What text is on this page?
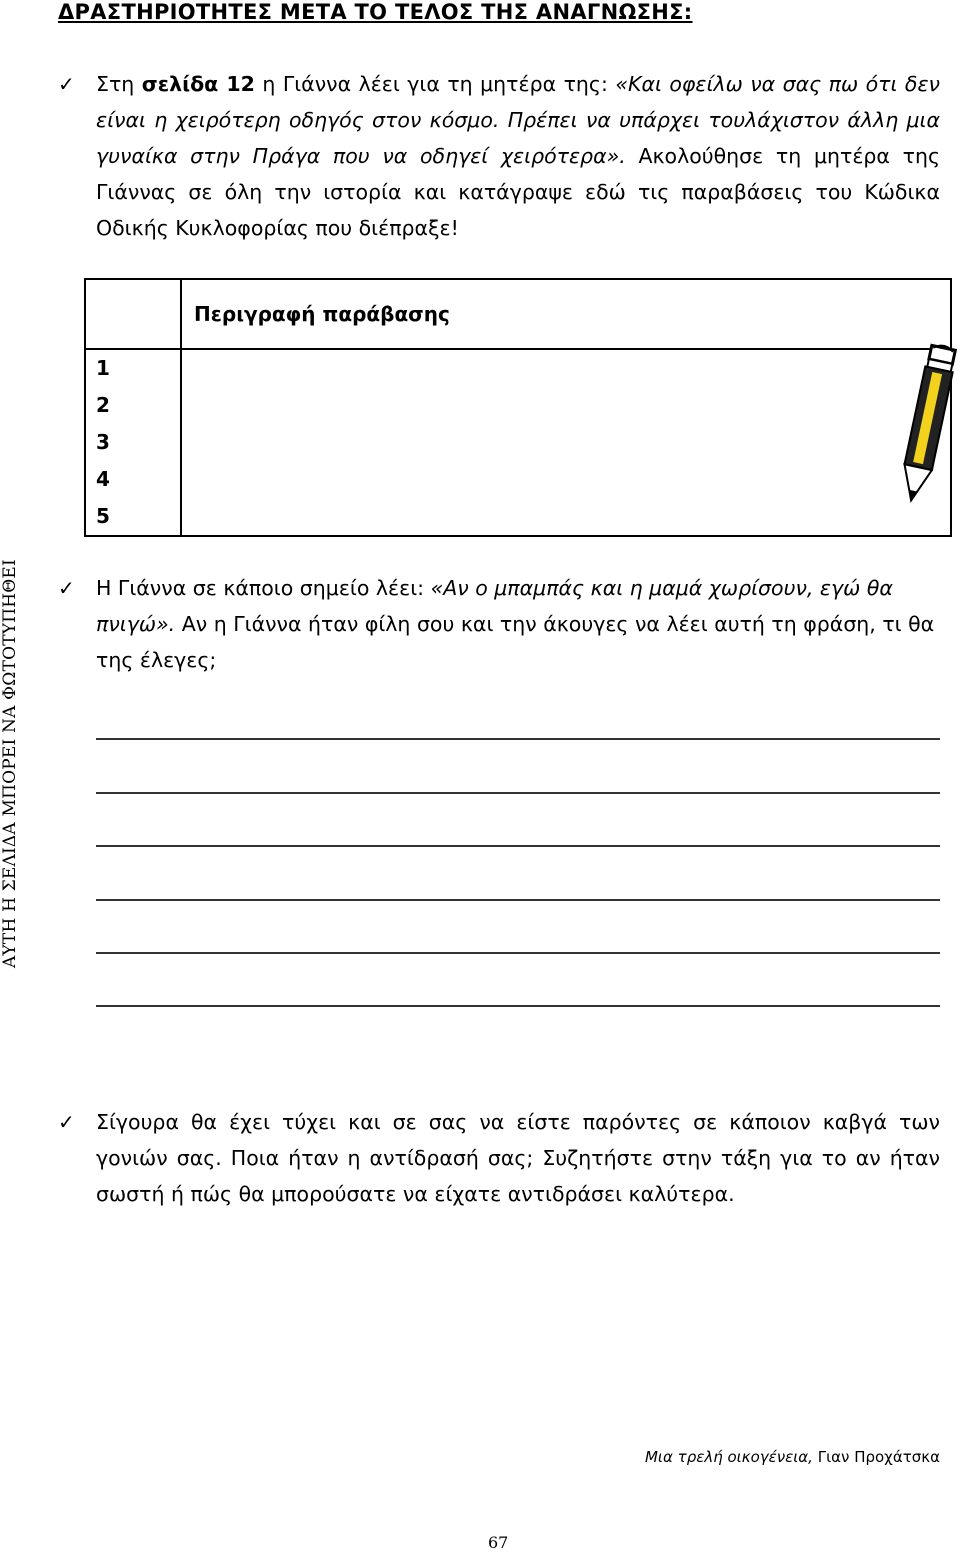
ΔΡΑΣΤΗΡΙΟΤΗΤΕΣ ΜΕΤΑ ΤΟ ΤΕΛΟΣ ΤΗΣ ΑΝΑΓΝΩΣΗΣ:
✓	Στη σελίδα 12 η Γιάννα λέει για τη μητέρα της: «Και οφείλω να σας πω ότι δεν είναι η χειρότερη οδηγός στον κόσμο. Πρέπει να υπάρχει τουλάχιστον άλλη μια γυναίκα στην Πράγα που να οδηγεί χειρότερα». Ακολούθησε τη μητέρα της Γιάννας σε όλη την ιστορία και κατάγραψε εδώ τις παραβάσεις του Κώδικα Οδικής Κυκλοφορίας που διέπραξε!
	Περιγραφή παράβασης

1
2
3
4
5	

ΑΥΤΗ Η ΣΕΛΙΔΑ ΜΠΟΡΕΙ ΝΑ ΦΩΤΟΤΥΠΗΘΕΙ ✓	Η Γιάννα σε κάποιο σημείο λέει: «Αν ο μπαμπάς και η μαμά χωρίσουν, εγώ θα πνιγώ». Αν η Γιάννα ήταν φίλη σου και την άκουγες να λέει αυτή τη φράση, τι θα της έλεγες;
✓	Σίγουρα θα έχει τύχει και σε σας να είστε παρόντες σε κάποιον καβγά των γονιών σας. Ποια ήταν η αντίδρασή σας; Συζητήστε στην τάξη για το αν ήταν σωστή ή πώς θα μπορούσατε να είχατε αντιδράσει καλύτερα.
Μια τρελή οικογένεια, Γιαν Προχάτσκα
67
